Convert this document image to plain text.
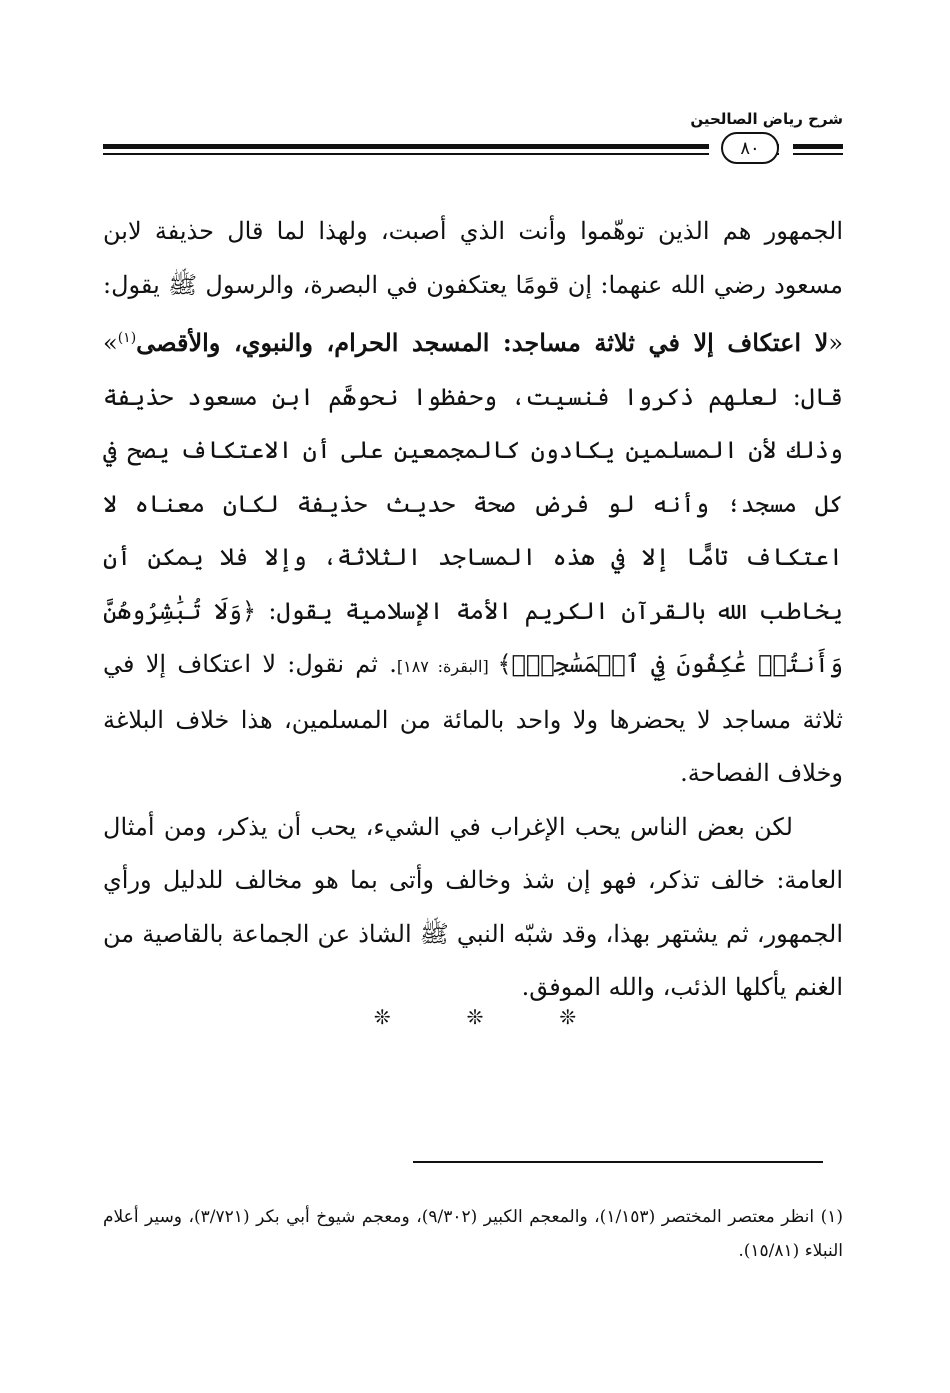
شرح رياض الصالحين
٨٠

الجمهور هم الذين توهّموا وأنت الذي أصبت، ولهذا لما قال حذيفة لابن مسعود رضي الله عنهما: إن قومًا يعتكفون في البصرة، والرسول ﷺ يقول: «لا اعتكاف إلا في ثلاثة مساجد: المسجد الحرام، والنبوي، والأقصى$^{(١)}$» قال: لعلهم ذكروا فنسيت، وحفظوا نحوهَّم ابن مسعود حذيفة وذلك لأن المسلمين يكادون كالمجمعين على أن الاعتكاف يصح في كل مسجد؛ وأنه لو فرض صحة حديث حذيفة لكان معناه لا اعتكاف تامًّا إلا في هذه المساجد الثلاثة، وإلا فلا يمكن أن يخاطب الله بالقرآن الكريم الأمة الإسلامية يقول: ﴿وَلَا تُبَٰشِرُوهُنَّ وَأَنتُمۡ عَٰكِفُونَ فِي ٱلۡمَسَٰجِدِۗ﴾ [البقرة: ١٨٧]. ثم نقول: لا اعتكاف إلا في ثلاثة مساجد لا يحضرها ولا واحد بالمائة من المسلمين، هذا خلاف البلاغة وخلاف الفصاحة.

لكن بعض الناس يحب الإغراب في الشيء، يحب أن يذكر، ومن أمثال العامة: خالف تذكر، فهو إن شذ وخالف وأتى بما هو مخالف للدليل ورأي الجمهور، ثم يشتهر بهذا، وقد شبّه النبي ﷺ الشاذ عن الجماعة بالقاصية من الغنم يأكلها الذئب، والله الموفق.

❊	❊	❊

(١) انظر معتصر المختصر (١/١٥٣)، والمعجم الكبير (٩/٣٠٢)، ومعجم شيوخ أبي بكر (٣/٧٢١)، وسير أعلام النبلاء (١٥/٨١).
